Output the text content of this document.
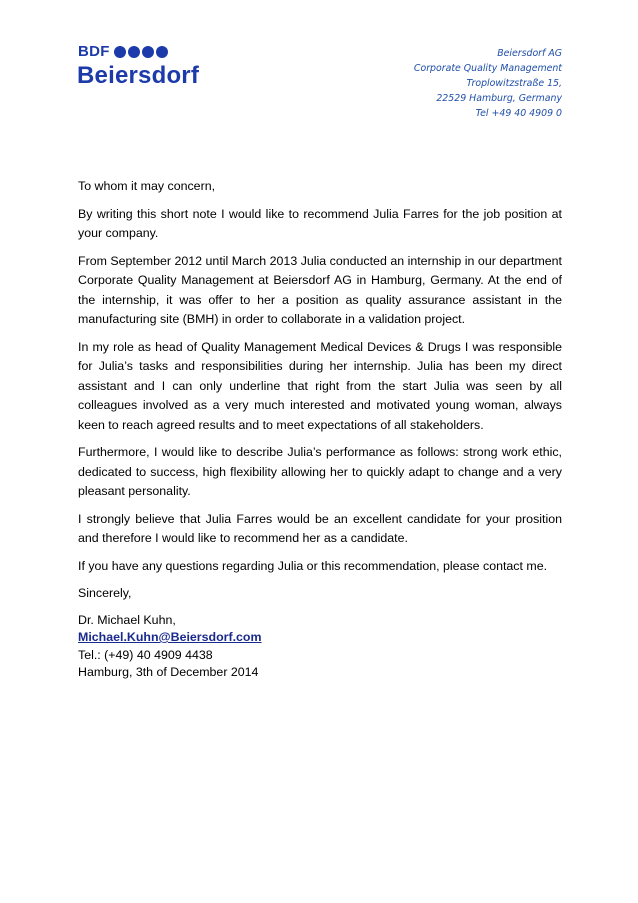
BDF
Beiersdorf
Beiersdorf AG
Corporate Quality Management
Troplowitzstraße 15,
22529 Hamburg, Germany
Tel +49 40 4909 0

To whom it may concern,

By writing this short note I would like to recommend Julia Farres for the job position at your company.

From September 2012 until March 2013 Julia conducted an internship in our department Corporate Quality Management at Beiersdorf AG in Hamburg, Germany. At the end of the internship, it was offer to her a position as quality assurance assistant in the manufacturing site (BMH) in order to collaborate in a validation project.

In my role as head of Quality Management Medical Devices & Drugs I was responsible for Julia’s tasks and responsibilities during her internship. Julia has been my direct assistant and I can only underline that right from the start Julia was seen by all colleagues involved as a very much interested and motivated young woman, always keen to reach agreed results and to meet expectations of all stakeholders.

Furthermore, I would like to describe Julia’s performance as follows: strong work ethic, dedicated to success, high flexibility allowing her to quickly adapt to change and a very pleasant personality.

I strongly believe that Julia Farres would be an excellent candidate for your prosition and therefore I would like to recommend her as a candidate.

If you have any questions regarding Julia or this recommendation, please contact me.

Sincerely,

Dr. Michael Kuhn,
Michael.Kuhn@Beiersdorf.com
Tel.: (+49) 40 4909 4438
Hamburg, 3th of December 2014
